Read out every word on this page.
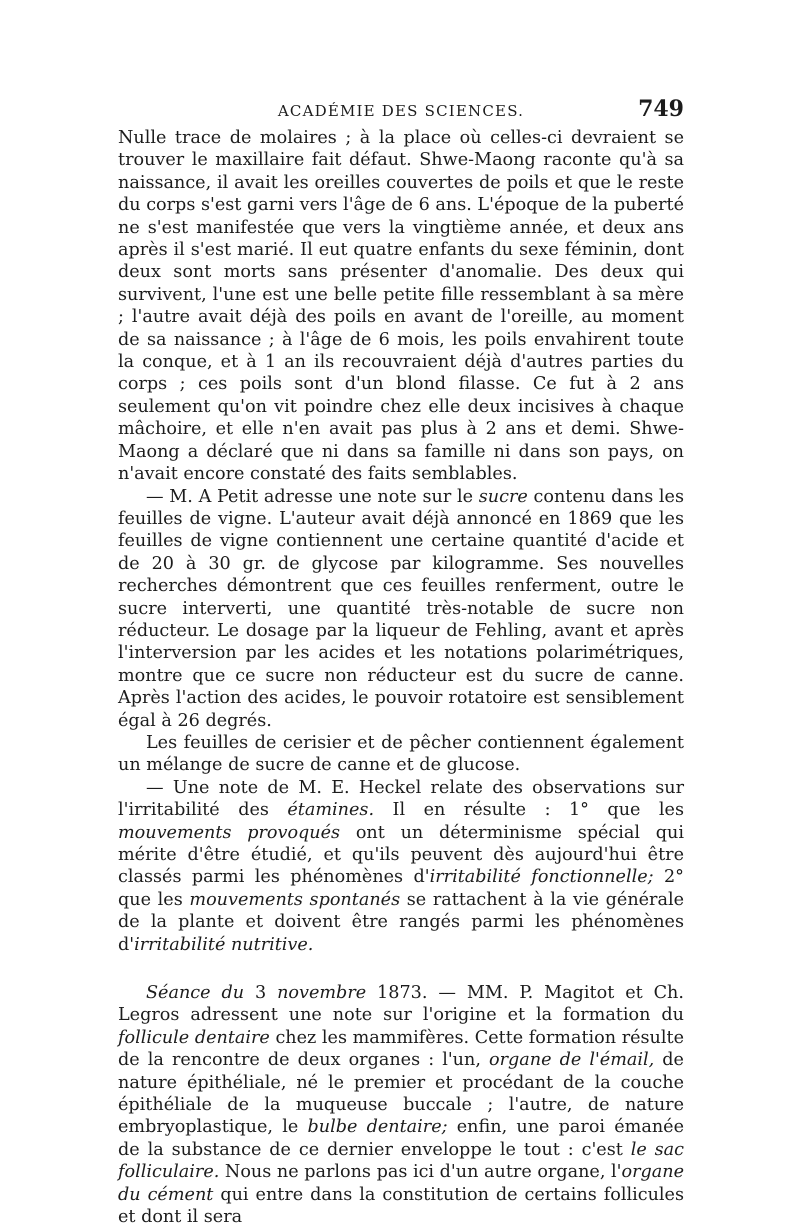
ACADÉMIE DES SCIENCES.	749

Nulle trace de molaires ; à la place où celles-ci devraient se trouver le maxillaire fait défaut. Shwe-Maong raconte qu'à sa naissance, il avait les oreilles couvertes de poils et que le reste du corps s'est garni vers l'âge de 6 ans. L'époque de la puberté ne s'est manifestée que vers la vingtième année, et deux ans après il s'est marié. Il eut quatre enfants du sexe féminin, dont deux sont morts sans présenter d'anomalie. Des deux qui survivent, l'une est une belle petite fille ressemblant à sa mère ; l'autre avait déjà des poils en avant de l'oreille, au moment de sa naissance ; à l'âge de 6 mois, les poils envahirent toute la conque, et à 1 an ils recouvraient déjà d'autres parties du corps ; ces poils sont d'un blond filasse. Ce fut à 2 ans seulement qu'on vit poindre chez elle deux incisives à chaque mâchoire, et elle n'en avait pas plus à 2 ans et demi. Shwe-Maong a déclaré que ni dans sa famille ni dans son pays, on n'avait encore constaté des faits semblables.

— M. A Petit adresse une note sur le sucre contenu dans les feuilles de vigne. L'auteur avait déjà annoncé en 1869 que les feuilles de vigne contiennent une certaine quantité d'acide et de 20 à 30 gr. de glycose par kilogramme. Ses nouvelles recherches démontrent que ces feuilles renferment, outre le sucre interverti, une quantité très-notable de sucre non réducteur. Le dosage par la liqueur de Fehling, avant et après l'interversion par les acides et les notations polarimétriques, montre que ce sucre non réducteur est du sucre de canne. Après l'action des acides, le pouvoir rotatoire est sensiblement égal à 26 degrés.

Les feuilles de cerisier et de pêcher contiennent également un mélange de sucre de canne et de glucose.

— Une note de M. E. Heckel relate des observations sur l'irritabilité des étamines. Il en résulte : 1° que les mouvements provoqués ont un déterminisme spécial qui mérite d'être étudié, et qu'ils peuvent dès aujourd'hui être classés parmi les phénomènes d'irritabilité fonctionnelle; 2° que les mouvements spontanés se rattachent à la vie générale de la plante et doivent être rangés parmi les phénomènes d'irritabilité nutritive.

Séance du 3 novembre 1873. — MM. P. Magitot et Ch. Legros adressent une note sur l'origine et la formation du follicule dentaire chez les mammifères. Cette formation résulte de la rencontre de deux organes : l'un, organe de l'émail, de nature épithéliale, né le premier et procédant de la couche épithéliale de la muqueuse buccale ; l'autre, de nature embryoplastique, le bulbe dentaire; enfin, une paroi émanée de la substance de ce dernier enveloppe le tout : c'est le sac folliculaire. Nous ne parlons pas ici d'un autre organe, l'organe du cément qui entre dans la constitution de certains follicules et dont il sera
